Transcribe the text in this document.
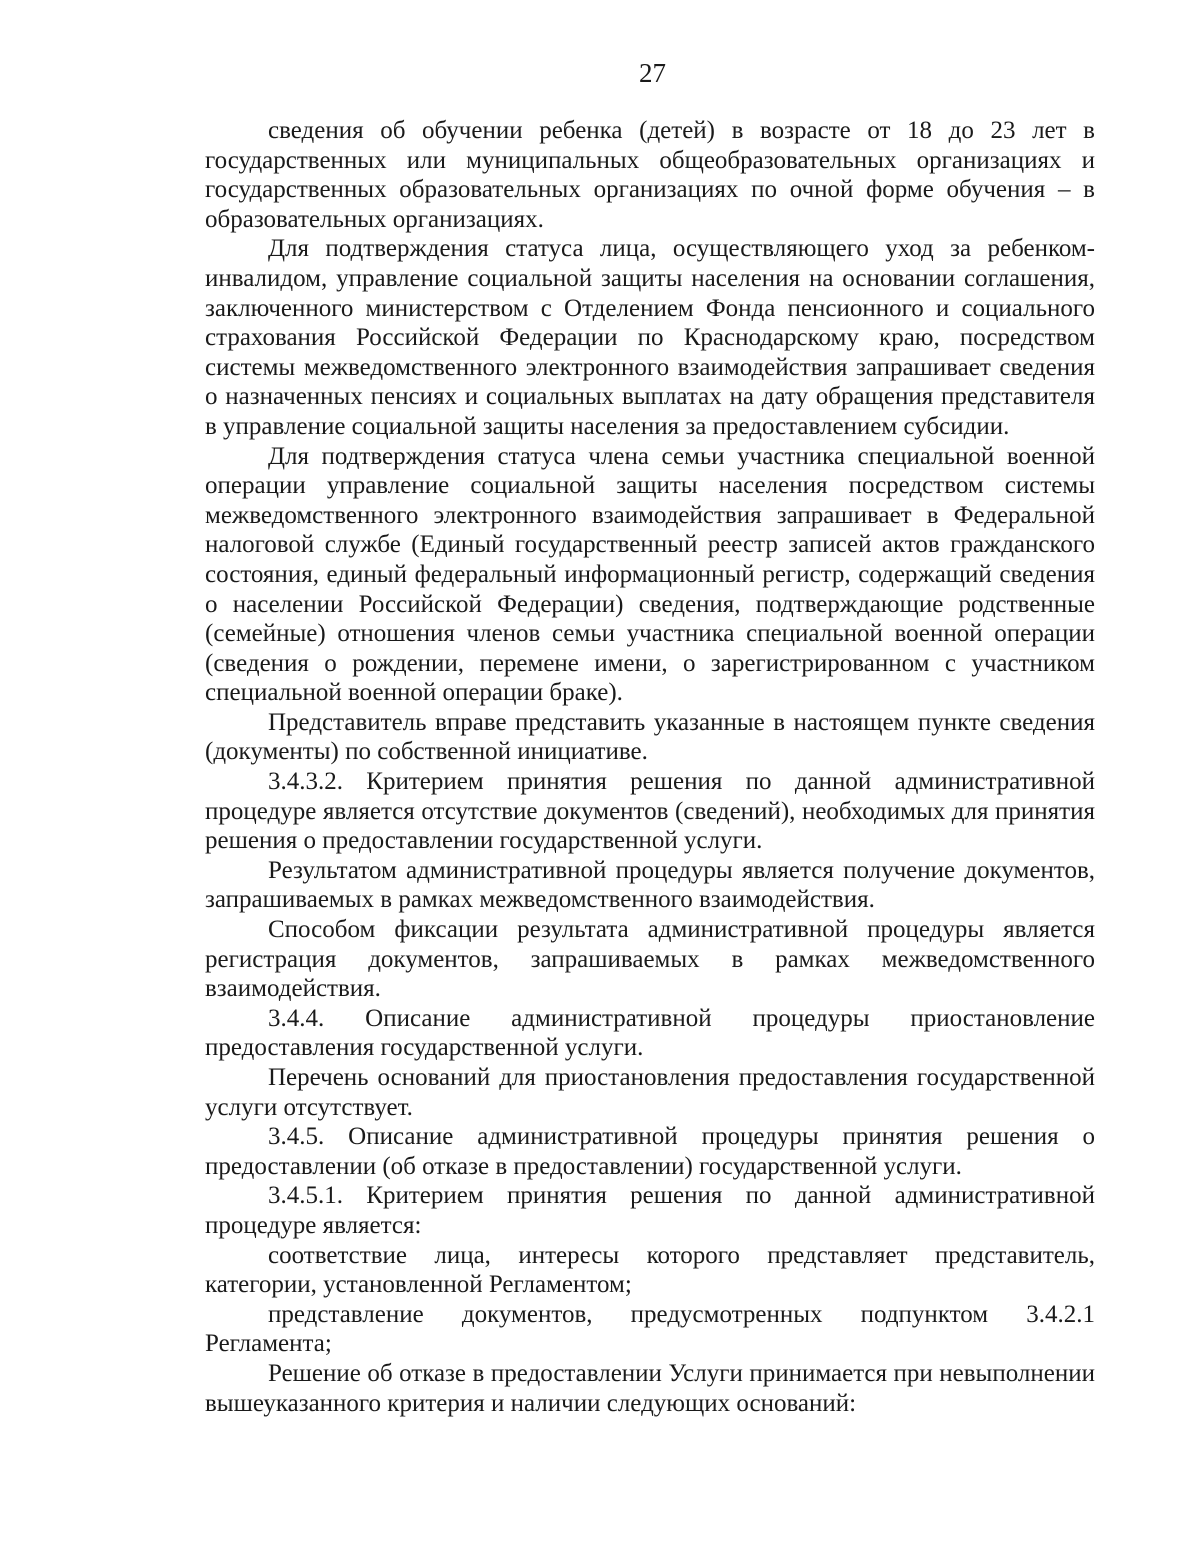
27

сведения об обучении ребенка (детей) в возрасте от 18 до 23 лет в государственных или муниципальных общеобразовательных организациях и государственных образовательных организациях по очной форме обучения – в образовательных организациях.

Для подтверждения статуса лица, осуществляющего уход за ребенком-инвалидом, управление социальной защиты населения на основании соглашения, заключенного министерством с Отделением Фонда пенсионного и социального страхования Российской Федерации по Краснодарскому краю, посредством системы межведомственного электронного взаимодействия запрашивает сведения о назначенных пенсиях и социальных выплатах на дату обращения представителя в управление социальной защиты населения за предоставлением субсидии.

Для подтверждения статуса члена семьи участника специальной военной операции управление социальной защиты населения посредством системы межведомственного электронного взаимодействия запрашивает в Федеральной налоговой службе (Единый государственный реестр записей актов гражданского состояния, единый федеральный информационный регистр, содержащий сведения о населении Российской Федерации) сведения, подтверждающие родственные (семейные) отношения членов семьи участника специальной военной операции (сведения о рождении, перемене имени, о зарегистрированном с участником специальной военной операции браке).

Представитель вправе представить указанные в настоящем пункте сведения (документы) по собственной инициативе.

3.4.3.2. Критерием принятия решения по данной административной процедуре является отсутствие документов (сведений), необходимых для принятия решения о предоставлении государственной услуги.

Результатом административной процедуры является получение документов, запрашиваемых в рамках межведомственного взаимодействия.

Способом фиксации результата административной процедуры является регистрация документов, запрашиваемых в рамках межведомственного взаимодействия.

3.4.4. Описание административной процедуры приостановление предоставления государственной услуги.

Перечень оснований для приостановления предоставления государственной услуги отсутствует.

3.4.5. Описание административной процедуры принятия решения о предоставлении (об отказе в предоставлении) государственной услуги.

3.4.5.1. Критерием принятия решения по данной административной процедуре является:

соответствие лица, интересы которого представляет представитель, категории, установленной Регламентом;

представление документов, предусмотренных подпунктом 3.4.2.1 Регламента;

Решение об отказе в предоставлении Услуги принимается при невыполнении вышеуказанного критерия и наличии следующих оснований:
